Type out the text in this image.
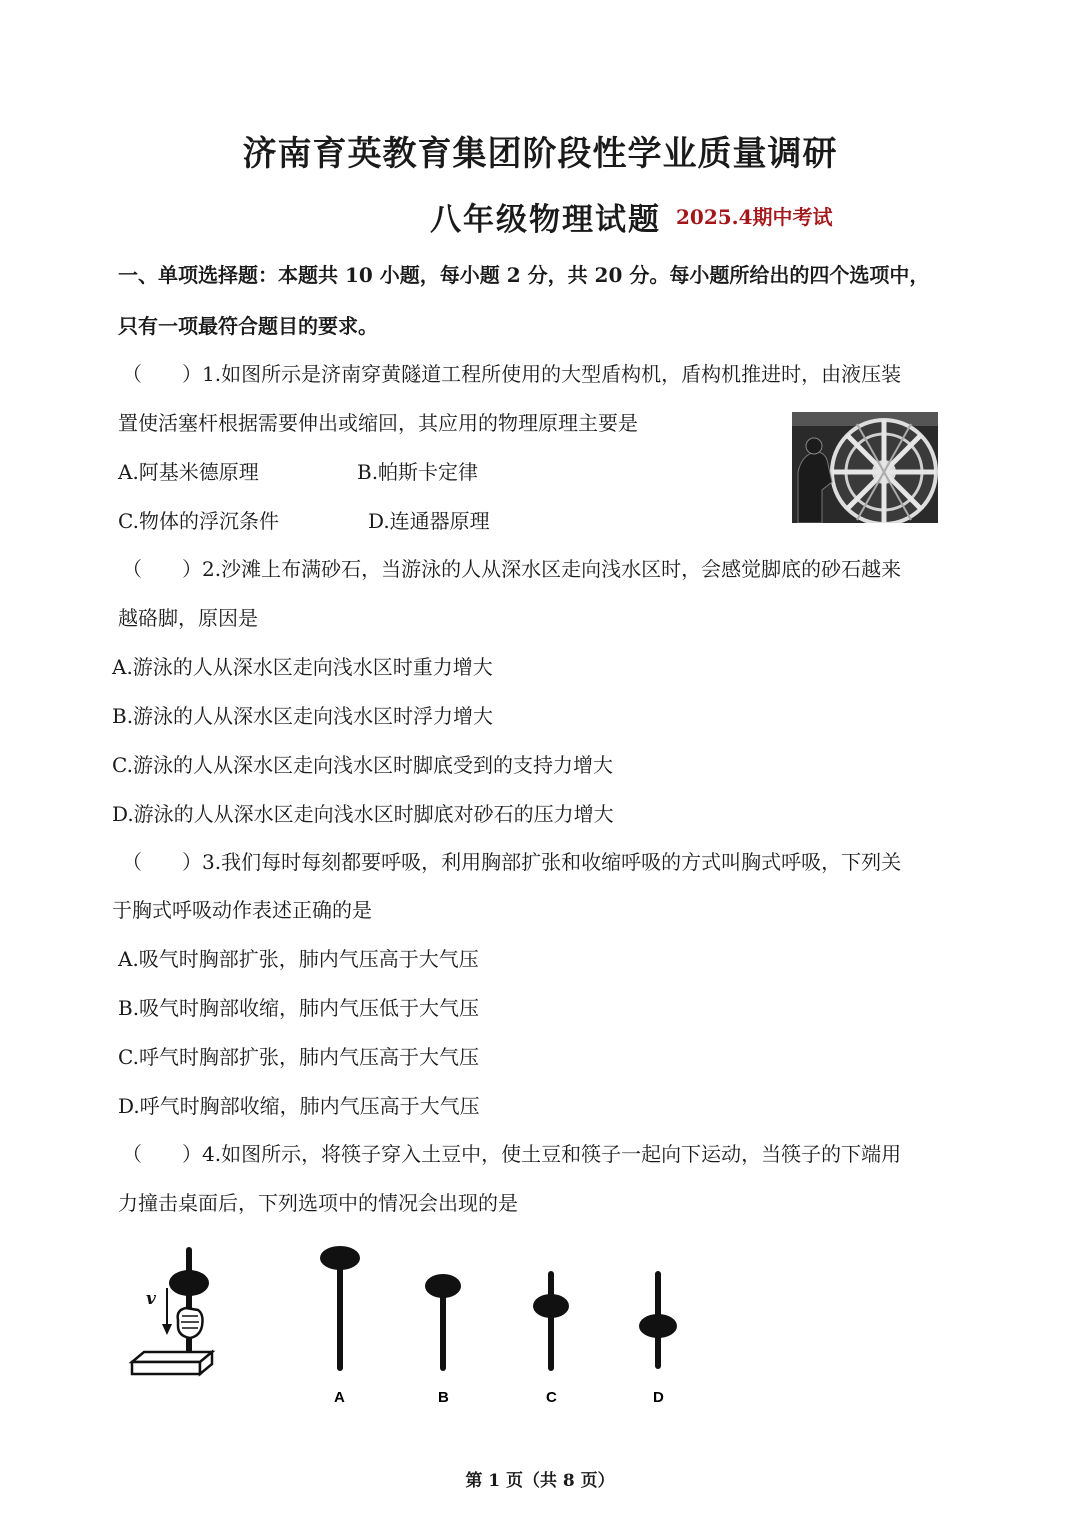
济南育英教育集团阶段性学业质量调研
八年级物理试题 2025.4期中考试
一、单项选择题：本题共 10 小题，每小题 2 分，共 20 分。每小题所给出的四个选项中，
只有一项最符合题目的要求。
（　　）1.如图所示是济南穿黄隧道工程所使用的大型盾构机，盾构机推进时，由液压装
置使活塞杆根据需要伸出或缩回，其应用的物理原理主要是
A.阿基米德原理	B.帕斯卡定律
C.物体的浮沉条件	D.连通器原理
（　　）2.沙滩上布满砂石，当游泳的人从深水区走向浅水区时，会感觉脚底的砂石越来
越硌脚，原因是
A.游泳的人从深水区走向浅水区时重力增大
B.游泳的人从深水区走向浅水区时浮力增大
C.游泳的人从深水区走向浅水区时脚底受到的支持力增大
D.游泳的人从深水区走向浅水区时脚底对砂石的压力增大
（　　）3.我们每时每刻都要呼吸，利用胸部扩张和收缩呼吸的方式叫胸式呼吸，下列关
于胸式呼吸动作表述正确的是
A.吸气时胸部扩张，肺内气压高于大气压
B.吸气时胸部收缩，肺内气压低于大气压
C.呼气时胸部扩张，肺内气压高于大气压
D.呼气时胸部收缩，肺内气压高于大气压
（　　）4.如图所示，将筷子穿入土豆中，使土豆和筷子一起向下运动，当筷子的下端用
力撞击桌面后，下列选项中的情况会出现的是
v
A	B	C	D
第 1 页（共 8 页）
